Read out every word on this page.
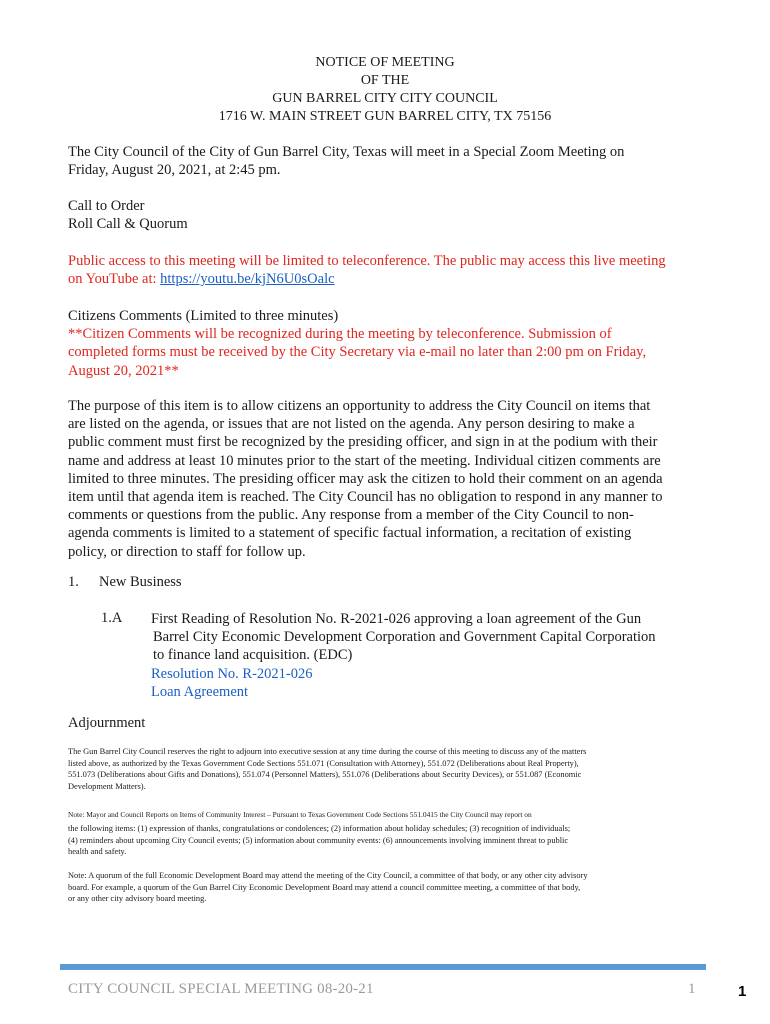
NOTICE OF MEETING
OF THE
GUN BARREL CITY CITY COUNCIL
1716 W. MAIN STREET GUN BARREL CITY, TX 75156
The City Council of the City of Gun Barrel City, Texas will meet in a Special Zoom Meeting on
Friday, August 20, 2021, at 2:45 pm.
Call to Order
Roll Call & Quorum
Public access to this meeting will be limited to teleconference. The public may access this live meeting
on YouTube at: https://youtu.be/kjN6U0sOalc
Citizens Comments (Limited to three minutes)
**Citizen Comments will be recognized during the meeting by teleconference. Submission of
completed forms must be received by the City Secretary via e-mail no later than 2:00 pm on Friday,
August 20, 2021**
The purpose of this item is to allow citizens an opportunity to address the City Council on items that
are listed on the agenda, or issues that are not listed on the agenda. Any person desiring to make a
public comment must first be recognized by the presiding officer, and sign in at the podium with their
name and address at least 10 minutes prior to the start of the meeting. Individual citizen comments are
limited to three minutes. The presiding officer may ask the citizen to hold their comment on an agenda
item until that agenda item is reached. The City Council has no obligation to respond in any manner to
comments or questions from the public. Any response from a member of the City Council to non-
agenda comments is limited to a statement of specific factual information, a recitation of existing
policy, or direction to staff for follow up.
1. New Business
1.A First Reading of Resolution No. R-2021-026 approving a loan agreement of the Gun
Barrel City Economic Development Corporation and Government Capital Corporation
to finance land acquisition. (EDC)
Resolution No. R-2021-026
Loan Agreement
Adjournment
The Gun Barrel City Council reserves the right to adjourn into executive session at any time during the course of this meeting to discuss any of the matters
listed above, as authorized by the Texas Government Code Sections 551.071 (Consultation with Attorney), 551.072 (Deliberations about Real Property),
551.073 (Deliberations about Gifts and Donations), 551.074 (Personnel Matters), 551.076 (Deliberations about Security Devices), or 551.087 (Economic
Development Matters).
Note: Mayor and Council Reports on Items of Community Interest – Pursuant to Texas Government Code Sections 551.0415 the City Council may report on
the following items: (1) expression of thanks, congratulations or condolences; (2) information about holiday schedules; (3) recognition of individuals;
(4) reminders about upcoming City Council events; (5) information about community events: (6) announcements involving imminent threat to public
health and safety.
Note: A quorum of the full Economic Development Board may attend the meeting of the City Council, a committee of that body, or any other city advisory
board. For example, a quorum of the Gun Barrel City Economic Development Board may attend a council committee meeting, a committee of that body,
or any other city advisory board meeting.
CITY COUNCIL SPECIAL MEETING 08-20-21	1	1
